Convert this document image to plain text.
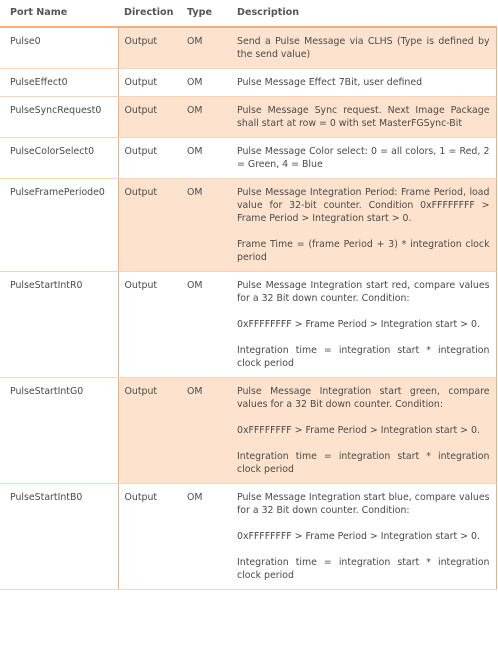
Port Name	Direction	Type	Description
Pulse0	Output	OM	Send a Pulse Message via CLHS (Type is defined by the send value)

PulseEffect0	Output	OM	Pulse Message Effect 7Bit, user defined

PulseSyncRequest0	Output	OM	Pulse Message Sync request. Next Image Package shall start at row = 0 with set MasterFGSync-Bit

PulseColorSelect0	Output	OM	Pulse Message Color select: 0 = all colors, 1 = Red, 2 = Green, 4 = Blue

PulseFramePeriode0	Output	OM	Pulse Message Integration Period: Frame Period, load value for 32-bit counter. Condition 0xFFFFFFFF > Frame Period > Integration start > 0.
Frame Time = (frame Period + 3) * integration clock period

PulseStartIntR0	Output	OM	Pulse Message Integration start red, compare values for a 32 Bit down counter. Condition:
0xFFFFFFFF > Frame Period > Integration start > 0.
Integration time = integration start * integration clock period

PulseStartIntG0	Output	OM	Pulse Message Integration start green, compare values for a 32 Bit down counter. Condition:
0xFFFFFFFF > Frame Period > Integration start > 0.
Integration time = integration start * integration clock period

PulseStartIntB0	Output	OM	Pulse Message Integration start blue, compare values for a 32 Bit down counter. Condition:
0xFFFFFFFF > Frame Period > Integration start > 0.
Integration time = integration start * integration clock period
